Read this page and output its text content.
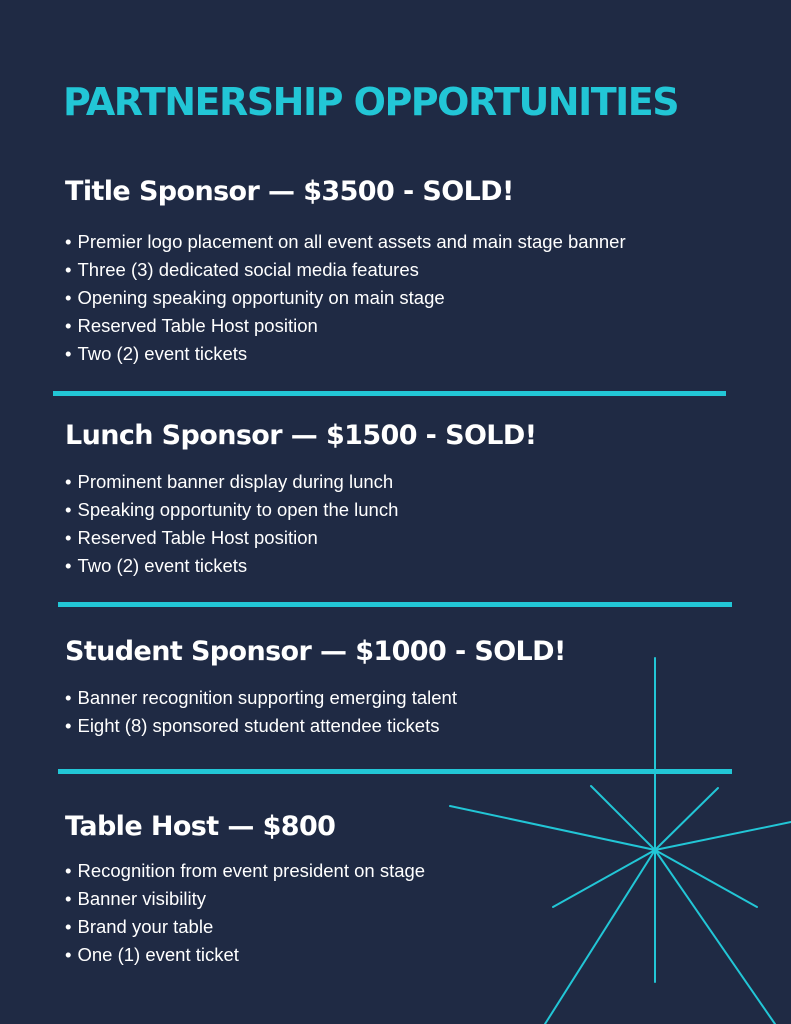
PARTNERSHIP OPPORTUNITIES
Title Sponsor — $3500 - SOLD!
• Premier logo placement on all event assets and main stage banner
• Three (3) dedicated social media features
• Opening speaking opportunity on main stage
• Reserved Table Host position
• Two (2) event tickets
Lunch Sponsor — $1500 - SOLD!
• Prominent banner display during lunch
• Speaking opportunity to open the lunch
• Reserved Table Host position
• Two (2) event tickets
Student Sponsor — $1000 - SOLD!
• Banner recognition supporting emerging talent
• Eight (8) sponsored student attendee tickets
Table Host — $800
• Recognition from event president on stage
• Banner visibility
• Brand your table
• One (1) event ticket
